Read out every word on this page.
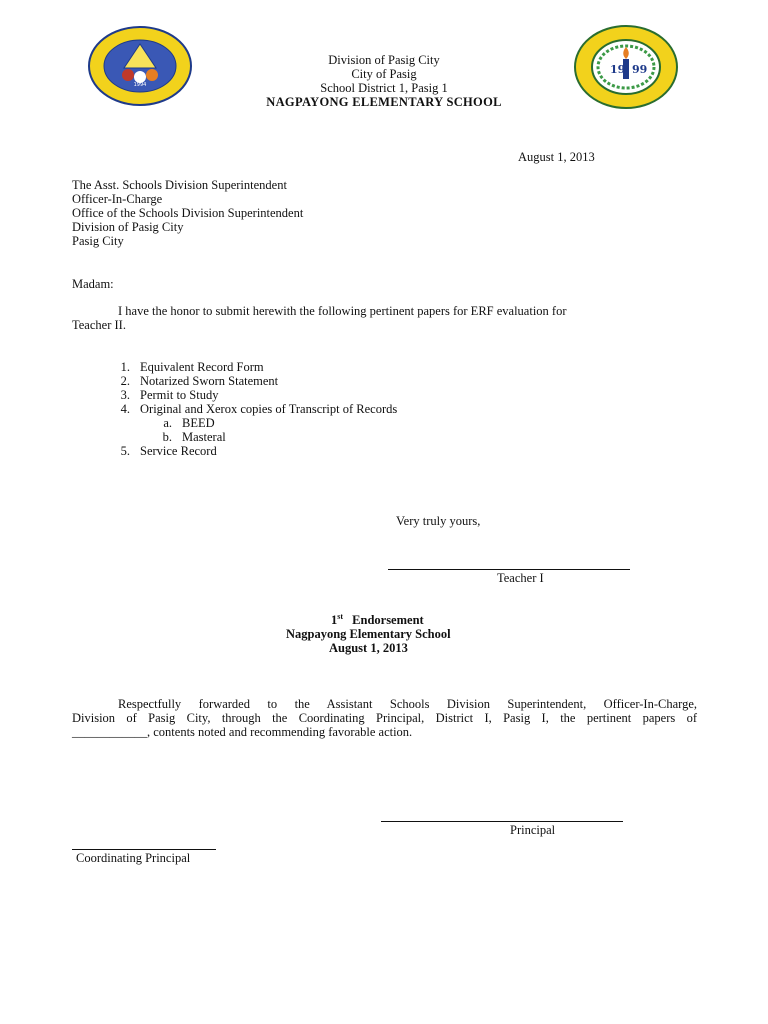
1994
19 99
Division of Pasig City
City of Pasig
School District 1, Pasig 1
NAGPAYONG ELEMENTARY SCHOOL
August 1, 2013
The Asst. Schools Division Superintendent
Officer-In-Charge
Office of the Schools Division Superintendent
Division of Pasig City
Pasig City
Madam:
I have the honor to submit herewith the following pertinent papers for ERF evaluation for
Teacher II.
1. Equivalent Record Form
2. Notarized Sworn Statement
3. Permit to Study
4. Original and Xerox copies of Transcript of Records
a. BEED
b. Masteral
5. Service Record
Very truly yours,
Teacher I
1st Endorsement
Nagpayong Elementary School
August 1, 2013
Respectfully forwarded to the Assistant Schools Division Superintendent, Officer-In-Charge,
Division of Pasig City, through the Coordinating Principal, District I, Pasig I, the pertinent papers of
____________, contents noted and recommending favorable action.
Principal
Coordinating Principal
